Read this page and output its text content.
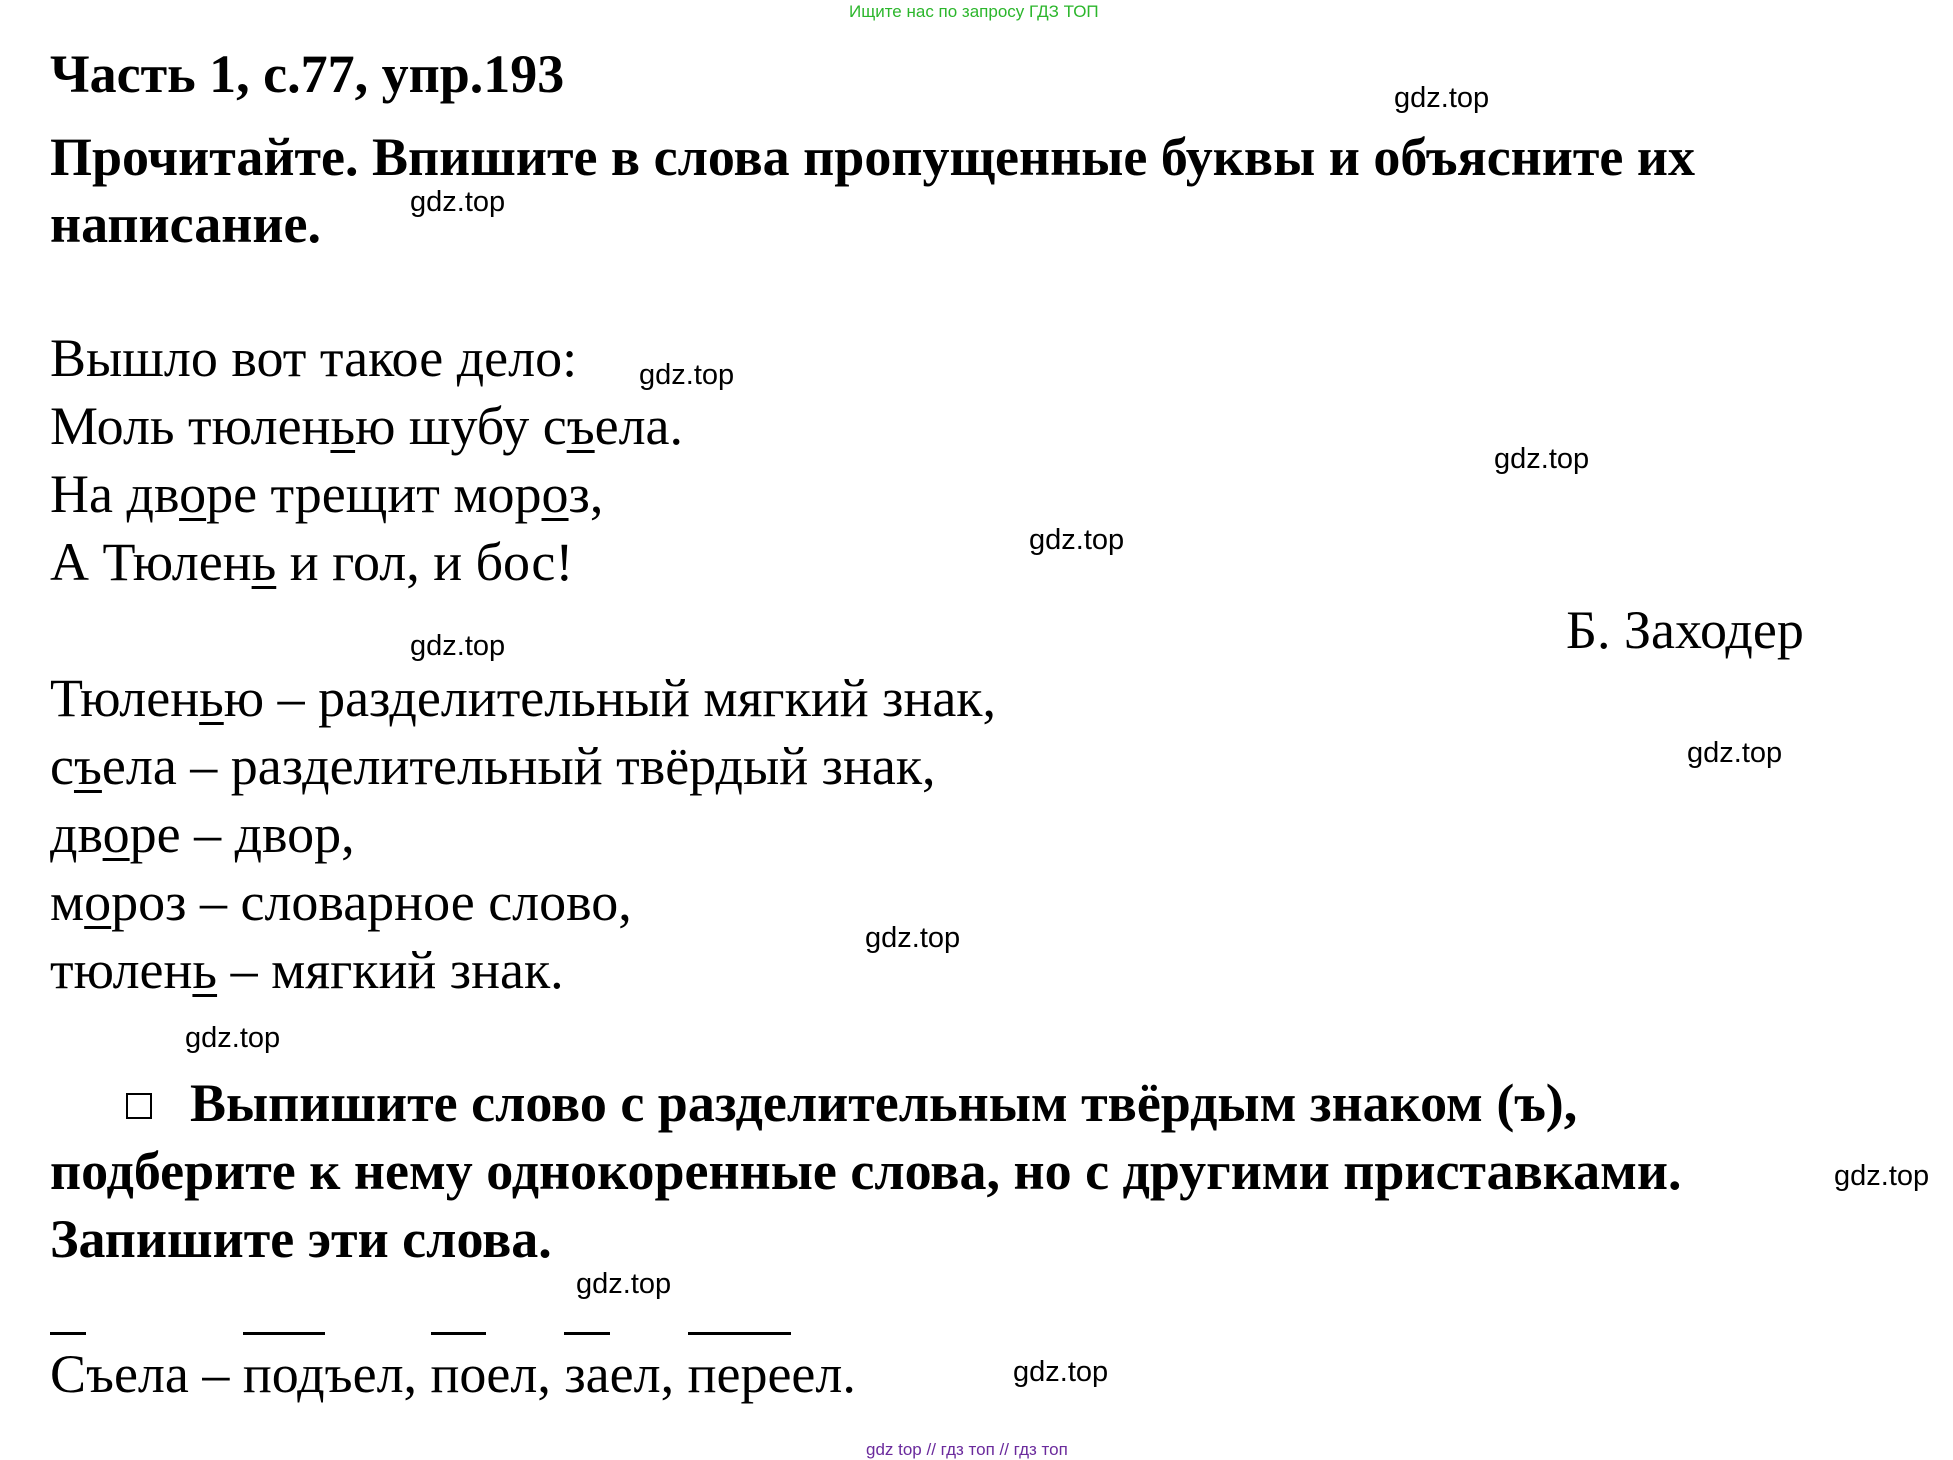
Ищите нас по запросу ГДЗ ТОП
Часть 1, с.77, упр.193
Прочитайте. Впишите в слова пропущенные буквы и объясните их
написание.
Вышло вот такое дело:
Моль тюленью шубу съела.
На дворе трещит мороз,
А Тюлень и гол, и бос!
Б. Заходер
Тюленью – разделительный мягкий знак,
съела – разделительный твёрдый знак,
дворе – двор,
мороз – словарное слово,
тюлень – мягкий знак.
Выпишите слово с разделительным твёрдым знаком (ъ),
подберите к нему однокоренные слова, но с другими приставками.
Запишите эти слова.
Съела – подъел, поел, заел, переел.
gdz.top
gdz.top
gdz.top
gdz.top
gdz.top
gdz.top
gdz.top
gdz.top
gdz.top
gdz.top
gdz.top
gdz.top
gdz top // гдз топ // гдз топ
